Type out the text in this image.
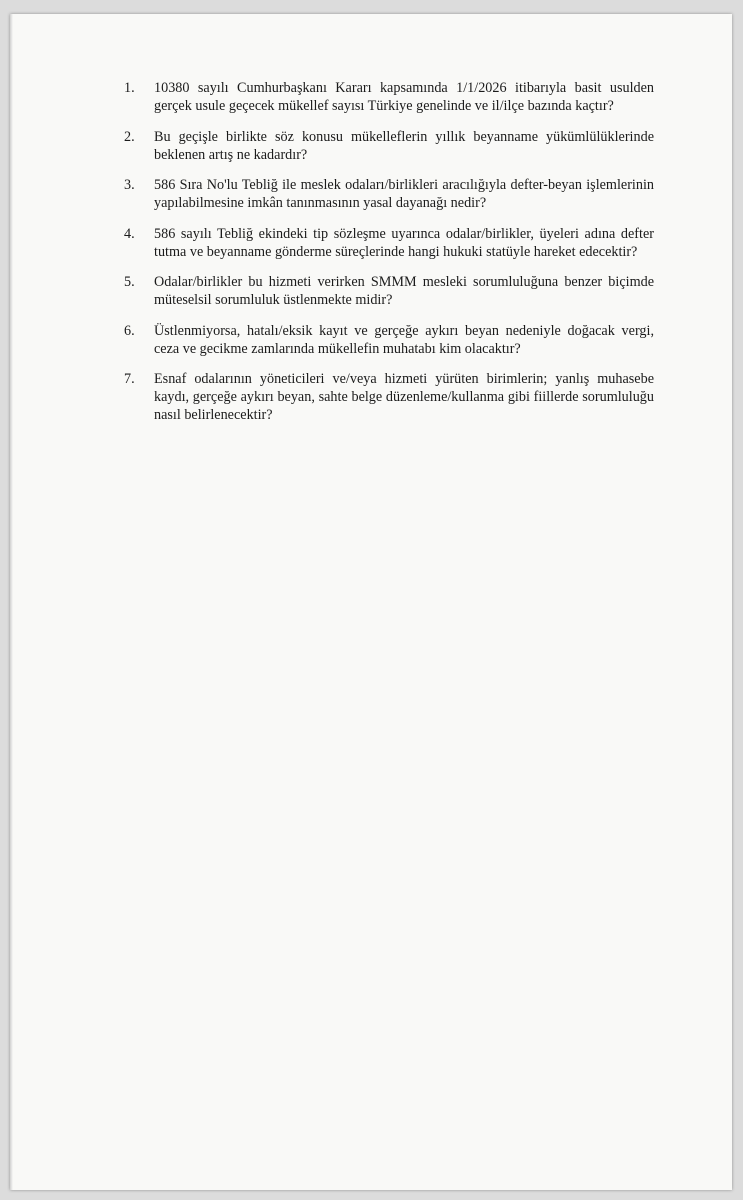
1. 10380 sayılı Cumhurbaşkanı Kararı kapsamında 1/1/2026 itibarıyla basit usulden gerçek usule geçecek mükellef sayısı Türkiye genelinde ve il/ilçe bazında kaçtır?
2. Bu geçişle birlikte söz konusu mükelleflerin yıllık beyanname yükümlülüklerinde beklenen artış ne kadardır?
3. 586 Sıra No'lu Tebliğ ile meslek odaları/birlikleri aracılığıyla defter-beyan işlemlerinin yapılabilmesine imkân tanınmasının yasal dayanağı nedir?
4. 586 sayılı Tebliğ ekindeki tip sözleşme uyarınca odalar/birlikler, üyeleri adına defter tutma ve beyanname gönderme süreçlerinde hangi hukuki statüyle hareket edecektir?
5. Odalar/birlikler bu hizmeti verirken SMMM mesleki sorumluluğuna benzer biçimde müteselsil sorumluluk üstlenmekte midir?
6. Üstlenmiyorsa, hatalı/eksik kayıt ve gerçeğe aykırı beyan nedeniyle doğacak vergi, ceza ve gecikme zamlarında mükellefin muhatabı kim olacaktır?
7. Esnaf odalarının yöneticileri ve/veya hizmeti yürüten birimlerin; yanlış muhasebe kaydı, gerçeğe aykırı beyan, sahte belge düzenleme/kullanma gibi fiillerde sorumluluğu nasıl belirlenecektir?
